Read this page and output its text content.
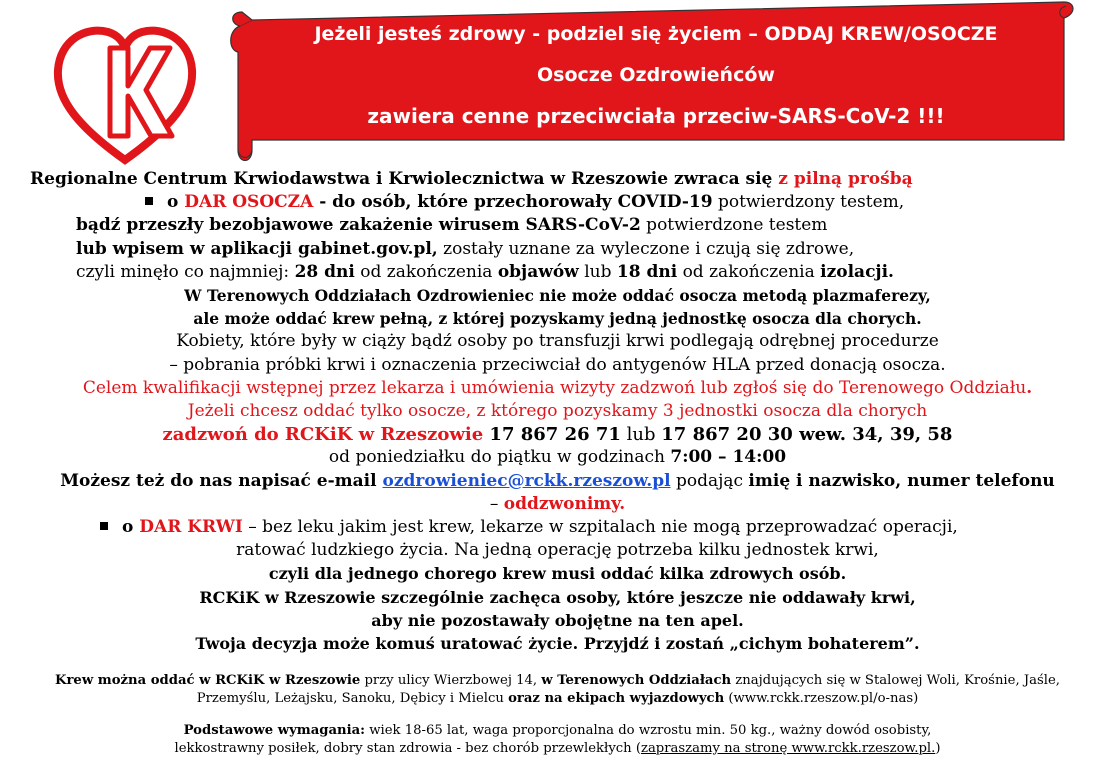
Jeżeli jesteś zdrowy - podziel się życiem – ODDAJ KREW/OSOCZE
Osocze Ozdrowieńców
zawiera cenne przeciwciała przeciw-SARS-CoV-2 !!!
Regionalne Centrum Krwiodawstwa i Krwiolecznictwa w Rzeszowie zwraca się z pilną prośbą
o DAR OSOCZA - do osób, które przechorowały COVID-19 potwierdzony testem,
bądź przeszły bezobjawowe zakażenie wirusem SARS-CoV-2 potwierdzone testem
lub wpisem w aplikacji gabinet.gov.pl, zostały uznane za wyleczone i czują się zdrowe,
czyli minęło co najmniej: 28 dni od zakończenia objawów lub 18 dni od zakończenia izolacji.
W Terenowych Oddziałach Ozdrowieniec nie może oddać osocza metodą plazmaferezy,
ale może oddać krew pełną, z której pozyskamy jedną jednostkę osocza dla chorych.
Kobiety, które były w ciąży bądź osoby po transfuzji krwi podlegają odrębnej procedurze
– pobrania próbki krwi i oznaczenia przeciwciał do antygenów HLA przed donacją osocza.
Celem kwalifikacji wstępnej przez lekarza i umówienia wizyty zadzwoń lub zgłoś się do Terenowego Oddziału.
Jeżeli chcesz oddać tylko osocze, z którego pozyskamy 3 jednostki osocza dla chorych
zadzwoń do RCKiK w Rzeszowie 17 867 26 71 lub 17 867 20 30 wew. 34, 39, 58
od poniedziałku do piątku w godzinach 7:00 – 14:00
Możesz też do nas napisać e-mail ozdrowieniec@rckk.rzeszow.pl podając imię i nazwisko, numer telefonu
– oddzwonimy.
o DAR KRWI – bez leku jakim jest krew, lekarze w szpitalach nie mogą przeprowadzać operacji,
ratować ludzkiego życia. Na jedną operację potrzeba kilku jednostek krwi,
czyli dla jednego chorego krew musi oddać kilka zdrowych osób.
RCKiK w Rzeszowie szczególnie zachęca osoby, które jeszcze nie oddawały krwi,
aby nie pozostawały obojętne na ten apel.
Twoja decyzja może komuś uratować życie. Przyjdź i zostań „cichym bohaterem”.
Krew można oddać w RCKiK w Rzeszowie przy ulicy Wierzbowej 14, w Terenowych Oddziałach znajdujących się w Stalowej Woli, Krośnie, Jaśle,
Przemyślu, Leżajsku, Sanoku, Dębicy i Mielcu oraz na ekipach wyjazdowych (www.rckk.rzeszow.pl/o-nas)
Podstawowe wymagania: wiek 18-65 lat, waga proporcjonalna do wzrostu min. 50 kg., ważny dowód osobisty,
lekkostrawny posiłek, dobry stan zdrowia - bez chorób przewlekłych (zapraszamy na stronę www.rckk.rzeszow.pl.)
